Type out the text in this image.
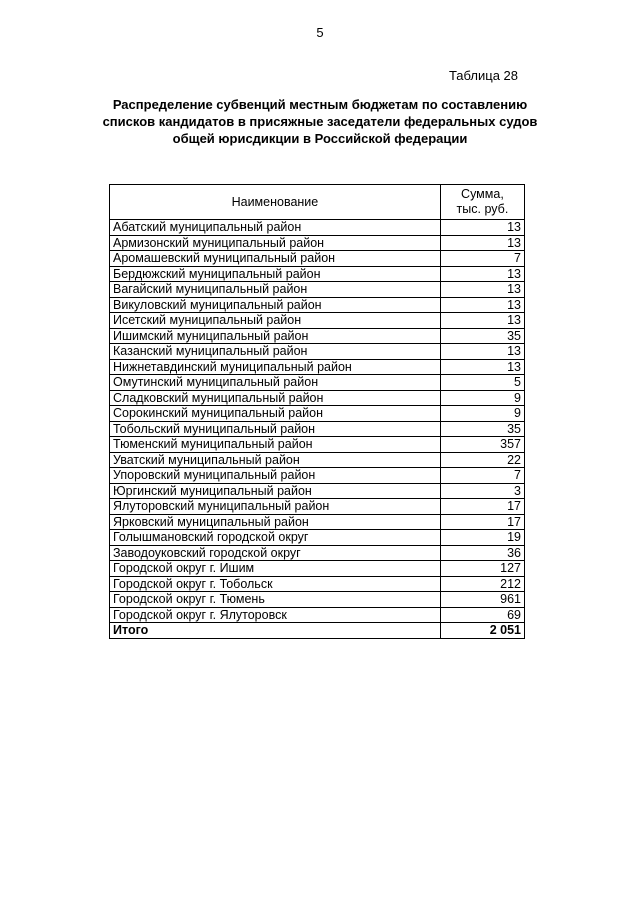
5
Таблица 28
Распределение субвенций местным бюджетам по составлению списков кандидатов в присяжные заседатели федеральных судов общей юрисдикции в Российской федерации
Наименование	Сумма,
тыс. руб.
Абатский муниципальный район	13
Армизонский муниципальный район	13
Аромашевский муниципальный район	7
Бердюжский муниципальный район	13
Вагайский муниципальный район	13
Викуловский муниципальный район	13
Исетский муниципальный район	13
Ишимский муниципальный район	35
Казанский муниципальный район	13
Нижнетавдинский муниципальный район	13
Омутинский муниципальный район	5
Сладковский муниципальный район	9
Сорокинский муниципальный район	9
Тобольский муниципальный район	35
Тюменский муниципальный район	357
Уватский муниципальный район	22
Упоровский муниципальный район	7
Юргинский муниципальный район	3
Ялуторовский муниципальный район	17
Ярковский муниципальный район	17
Голышмановский городской округ	19
Заводоуковский городской округ	36
Городской округ г. Ишим	127
Городской округ г. Тобольск	212
Городской округ г. Тюмень	961
Городской округ г. Ялуторовск	69
Итого	2 051
